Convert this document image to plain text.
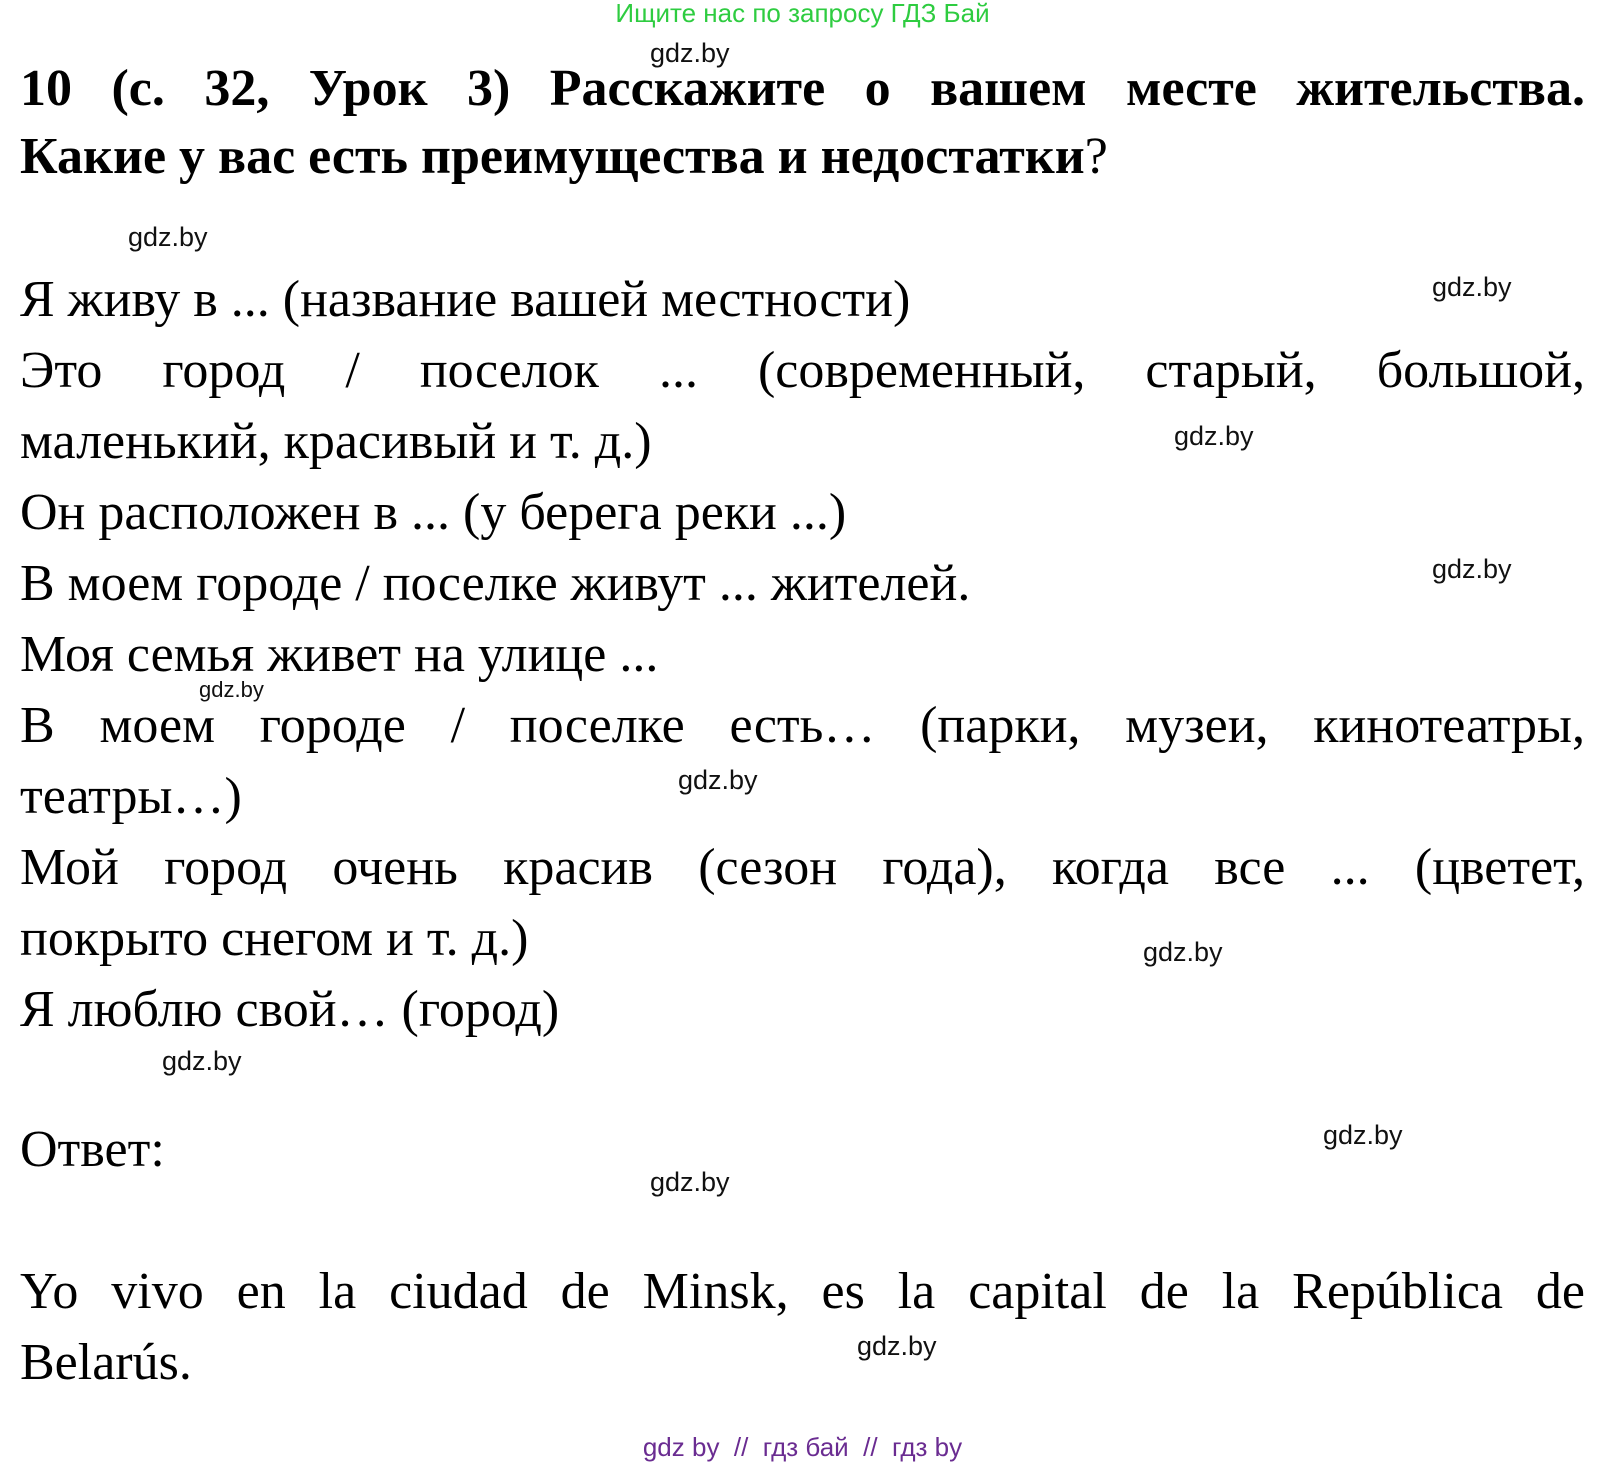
Ищите нас по запросу ГДЗ Бай
gdz.by
10 (с. 32, Урок 3) Расскажите о вашем месте жительства.
Какие у вас есть преимущества и недостатки?
gdz.by
gdz.by
Я живу в ... (название вашей местности)
Это город / поселок ... (современный, старый, большой,
маленький, красивый и т. д.)	gdz.by
Он расположен в ... (у берега реки ...)
В моем городе / поселке живут ... жителей.	gdz.by
Моя семья живет на улице ...
gdz.by
В моем городе / поселке есть… (парки, музеи, кинотеатры,
театры…)	gdz.by
Мой город очень красив (сезон года), когда все ... (цветет,
покрыто снегом и т. д.)	gdz.by
Я люблю свой… (город)
gdz.by
Ответ:	gdz.by
gdz.by
Yo vivo en la ciudad de Minsk, es la capital de la República de
Belarús.	gdz.by
gdz by  //  гдз бай  //  гдз by
